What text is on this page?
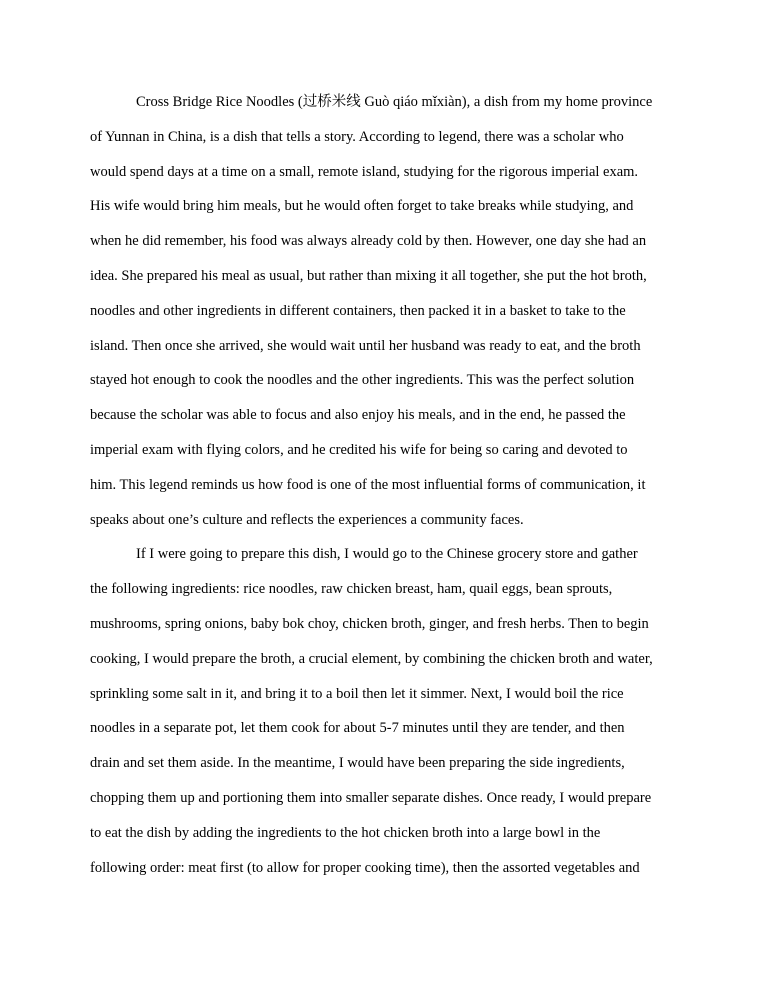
Cross Bridge Rice Noodles (过桥米线 Guò qiáo mǐxiàn), a dish from my home province
of Yunnan in China, is a dish that tells a story. According to legend, there was a scholar who
would spend days at a time on a small, remote island, studying for the rigorous imperial exam.
His wife would bring him meals, but he would often forget to take breaks while studying, and
when he did remember, his food was always already cold by then. However, one day she had an
idea. She prepared his meal as usual, but rather than mixing it all together, she put the hot broth,
noodles and other ingredients in different containers, then packed it in a basket to take to the
island. Then once she arrived, she would wait until her husband was ready to eat, and the broth
stayed hot enough to cook the noodles and the other ingredients. This was the perfect solution
because the scholar was able to focus and also enjoy his meals, and in the end, he passed the
imperial exam with flying colors, and he credited his wife for being so caring and devoted to
him. This legend reminds us how food is one of the most influential forms of communication, it
speaks about one’s culture and reflects the experiences a community faces.
If I were going to prepare this dish, I would go to the Chinese grocery store and gather
the following ingredients: rice noodles, raw chicken breast, ham, quail eggs, bean sprouts,
mushrooms, spring onions, baby bok choy, chicken broth, ginger, and fresh herbs. Then to begin
cooking, I would prepare the broth, a crucial element, by combining the chicken broth and water,
sprinkling some salt in it, and bring it to a boil then let it simmer. Next, I would boil the rice
noodles in a separate pot, let them cook for about 5-7 minutes until they are tender, and then
drain and set them aside. In the meantime, I would have been preparing the side ingredients,
chopping them up and portioning them into smaller separate dishes. Once ready, I would prepare
to eat the dish by adding the ingredients to the hot chicken broth into a large bowl in the
following order: meat first (to allow for proper cooking time), then the assorted vegetables and
